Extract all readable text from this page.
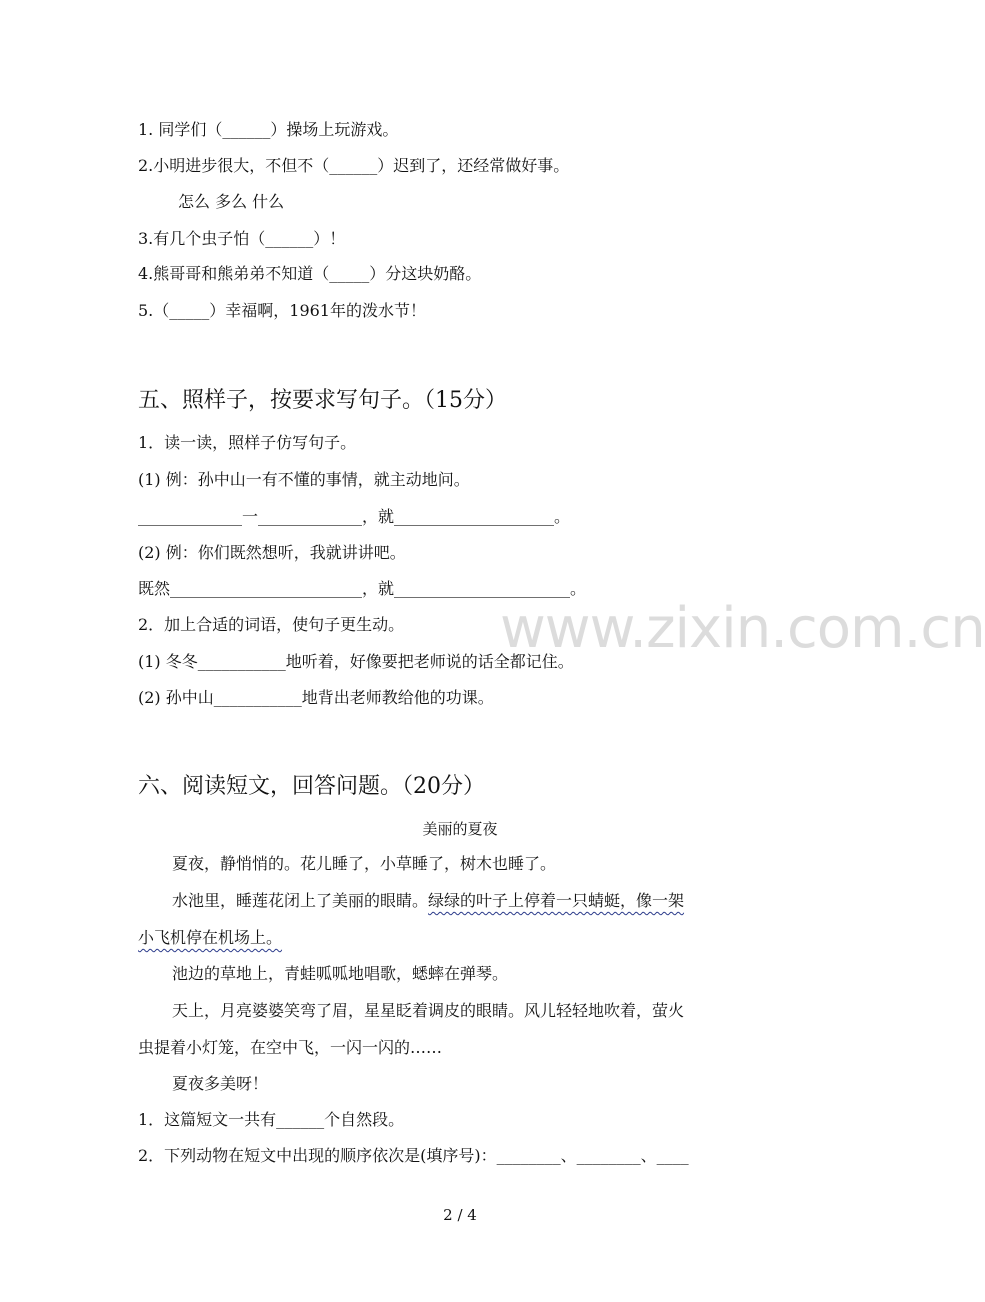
www.zixin.com.cn
1. 同学们（______）操场上玩游戏。
2.小明进步很大，不但不（______）迟到了，还经常做好事。
怎么 多么 什么
3.有几个虫子怕（______）！
4.熊哥哥和熊弟弟不知道（_____）分这块奶酪。
5.（_____）幸福啊，1961年的泼水节！
五、照样子，按要求写句子。（15分）
1．读一读，照样子仿写句子。
(1) 例：孙中山一有不懂的事情，就主动地问。
_____________一_____________，就____________________。
(2) 例：你们既然想听，我就讲讲吧。
既然________________________，就______________________。
2．加上合适的词语，使句子更生动。
(1) 冬冬___________地听着，好像要把老师说的话全都记住。
(2) 孙中山___________地背出老师教给他的功课。
六、阅读短文，回答问题。（20分）
美丽的夏夜
夏夜，静悄悄的。花儿睡了，小草睡了，树木也睡了。
水池里，睡莲花闭上了美丽的眼睛。绿绿的叶子上停着一只蜻蜓，像一架
小飞机停在机场上。
池边的草地上，青蛙呱呱地唱歌，蟋蟀在弹琴。
天上，月亮婆婆笑弯了眉，星星眨着调皮的眼睛。风儿轻轻地吹着，萤火
虫提着小灯笼，在空中飞，一闪一闪的……
夏夜多美呀！
1．这篇短文一共有______个自然段。
2．下列动物在短文中出现的顺序依次是(填序号)：________、________、____
2 / 4
